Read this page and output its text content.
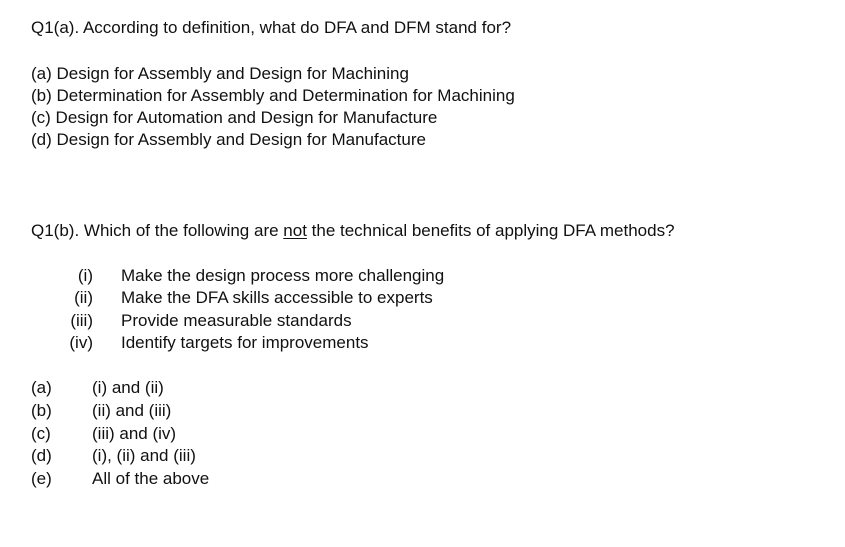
Q1(a). According to definition, what do DFA and DFM stand for?
(a) Design for Assembly and Design for Machining
(b) Determination for Assembly and Determination for Machining
(c) Design for Automation and Design for Manufacture
(d) Design for Assembly and Design for Manufacture
Q1(b). Which of the following are not the technical benefits of applying DFA methods?
(i) Make the design process more challenging
(ii) Make the DFA skills accessible to experts
(iii) Provide measurable standards
(iv) Identify targets for improvements
(a) (i) and (ii)
(b) (ii) and (iii)
(c) (iii) and (iv)
(d) (i), (ii) and (iii)
(e) All of the above
